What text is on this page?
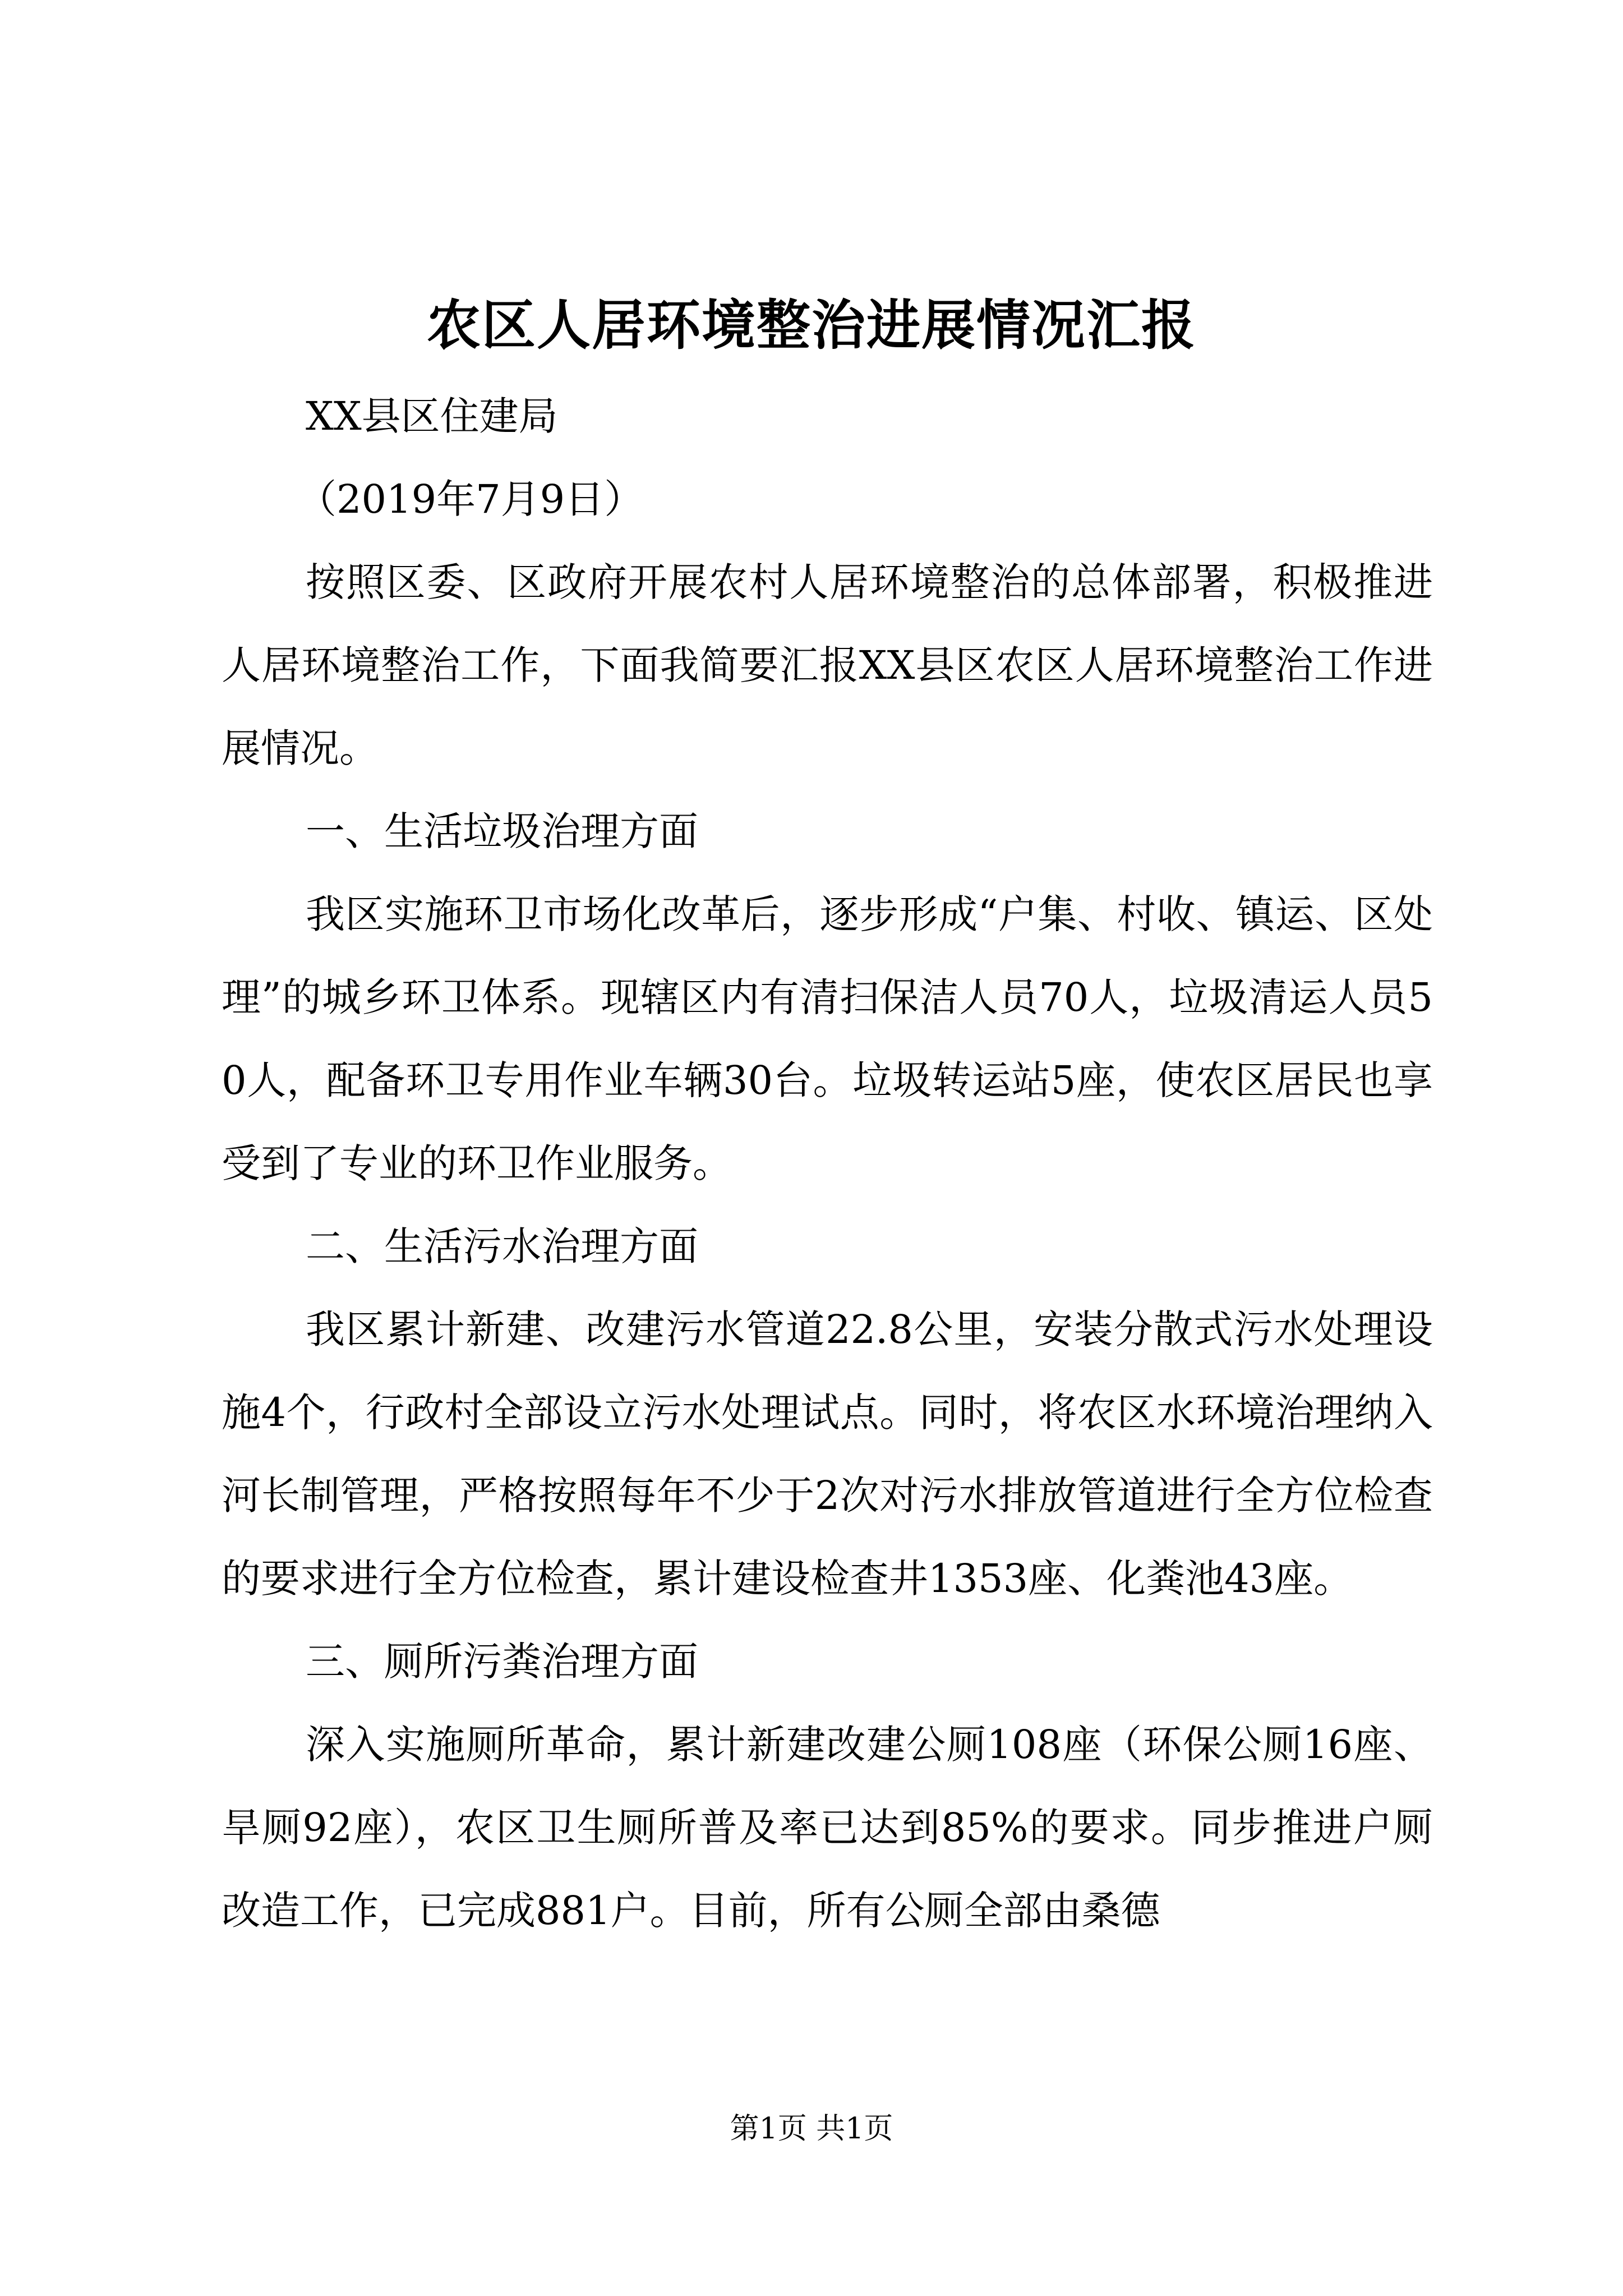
农区人居环境整治进展情况汇报

XX县区住建局

（2019年7月9日）

按照区委、区政府开展农村人居环境整治的总体部署，积极推进人居环境整治工作，下面我简要汇报XX县区农区人居环境整治工作进展情况。

一、生活垃圾治理方面

我区实施环卫市场化改革后，逐步形成“户集、村收、镇运、区处理”的城乡环卫体系。现辖区内有清扫保洁人员70人，垃圾清运人员50人，配备环卫专用作业车辆30台。垃圾转运站5座，使农区居民也享受到了专业的环卫作业服务。

二、生活污水治理方面

我区累计新建、改建污水管道22.8公里，安装分散式污水处理设施4个，行政村全部设立污水处理试点。同时，将农区水环境治理纳入河长制管理，严格按照每年不少于2次对污水排放管道进行全方位检查的要求进行全方位检查，累计建设检查井1353座、化粪池43座。

三、厕所污粪治理方面

深入实施厕所革命，累计新建改建公厕108座（环保公厕16座、旱厕92座），农区卫生厕所普及率已达到85%的要求。同步推进户厕改造工作，已完成881户。目前，所有公厕全部由桑德

第1页 共1页
